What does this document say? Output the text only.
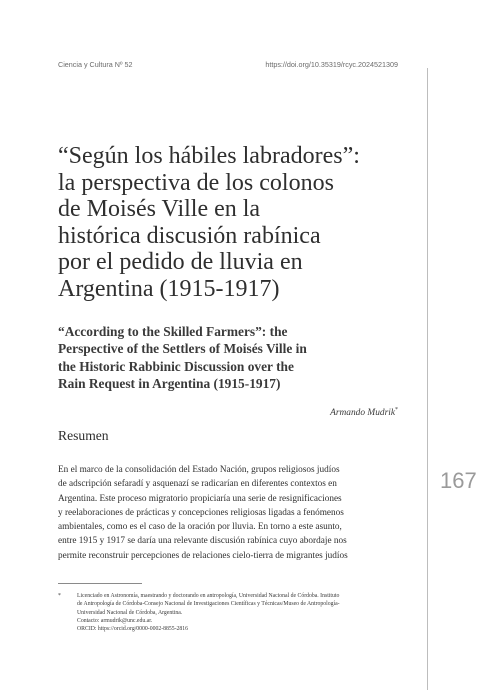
Ciencia y Cultura Nº 52	https://doi.org/10.35319/rcyc.2024521309
167
“Según los hábiles labradores”:
la perspectiva de los colonos
de Moisés Ville en la
histórica discusión rabínica
por el pedido de lluvia en
Argentina (1915-1917)
“According to the Skilled Farmers”: the
Perspective of the Settlers of Moisés Ville in
the Historic Rabbinic Discussion over the
Rain Request in Argentina (1915-1917)
Armando Mudrik*
Resumen
En el marco de la consolidación del Estado Nación, grupos religiosos judíos
de adscripción sefaradí y asquenazí se radicarían en diferentes contextos en
Argentina. Este proceso migratorio propiciaría una serie de resignificaciones
y reelaboraciones de prácticas y concepciones religiosas ligadas a fenómenos
ambientales, como es el caso de la oración por lluvia. En torno a este asunto,
entre 1915 y 1917 se daría una relevante discusión rabínica cuyo abordaje nos
permite reconstruir percepciones de relaciones cielo-tierra de migrantes judíos
*	Licenciado en Astronomía, maestrando y doctorando en antropología, Universidad Nacional de Córdoba. Instituto
de Antropología de Córdoba-Consejo Nacional de Investigaciones Científicas y Técnicas/Museo de Antropología-
Universidad Nacional de Córdoba, Argentina.
Contacto: armudrik@unc.edu.ar.
ORCID: https://orcid.org/0000-0002-8855-2816
